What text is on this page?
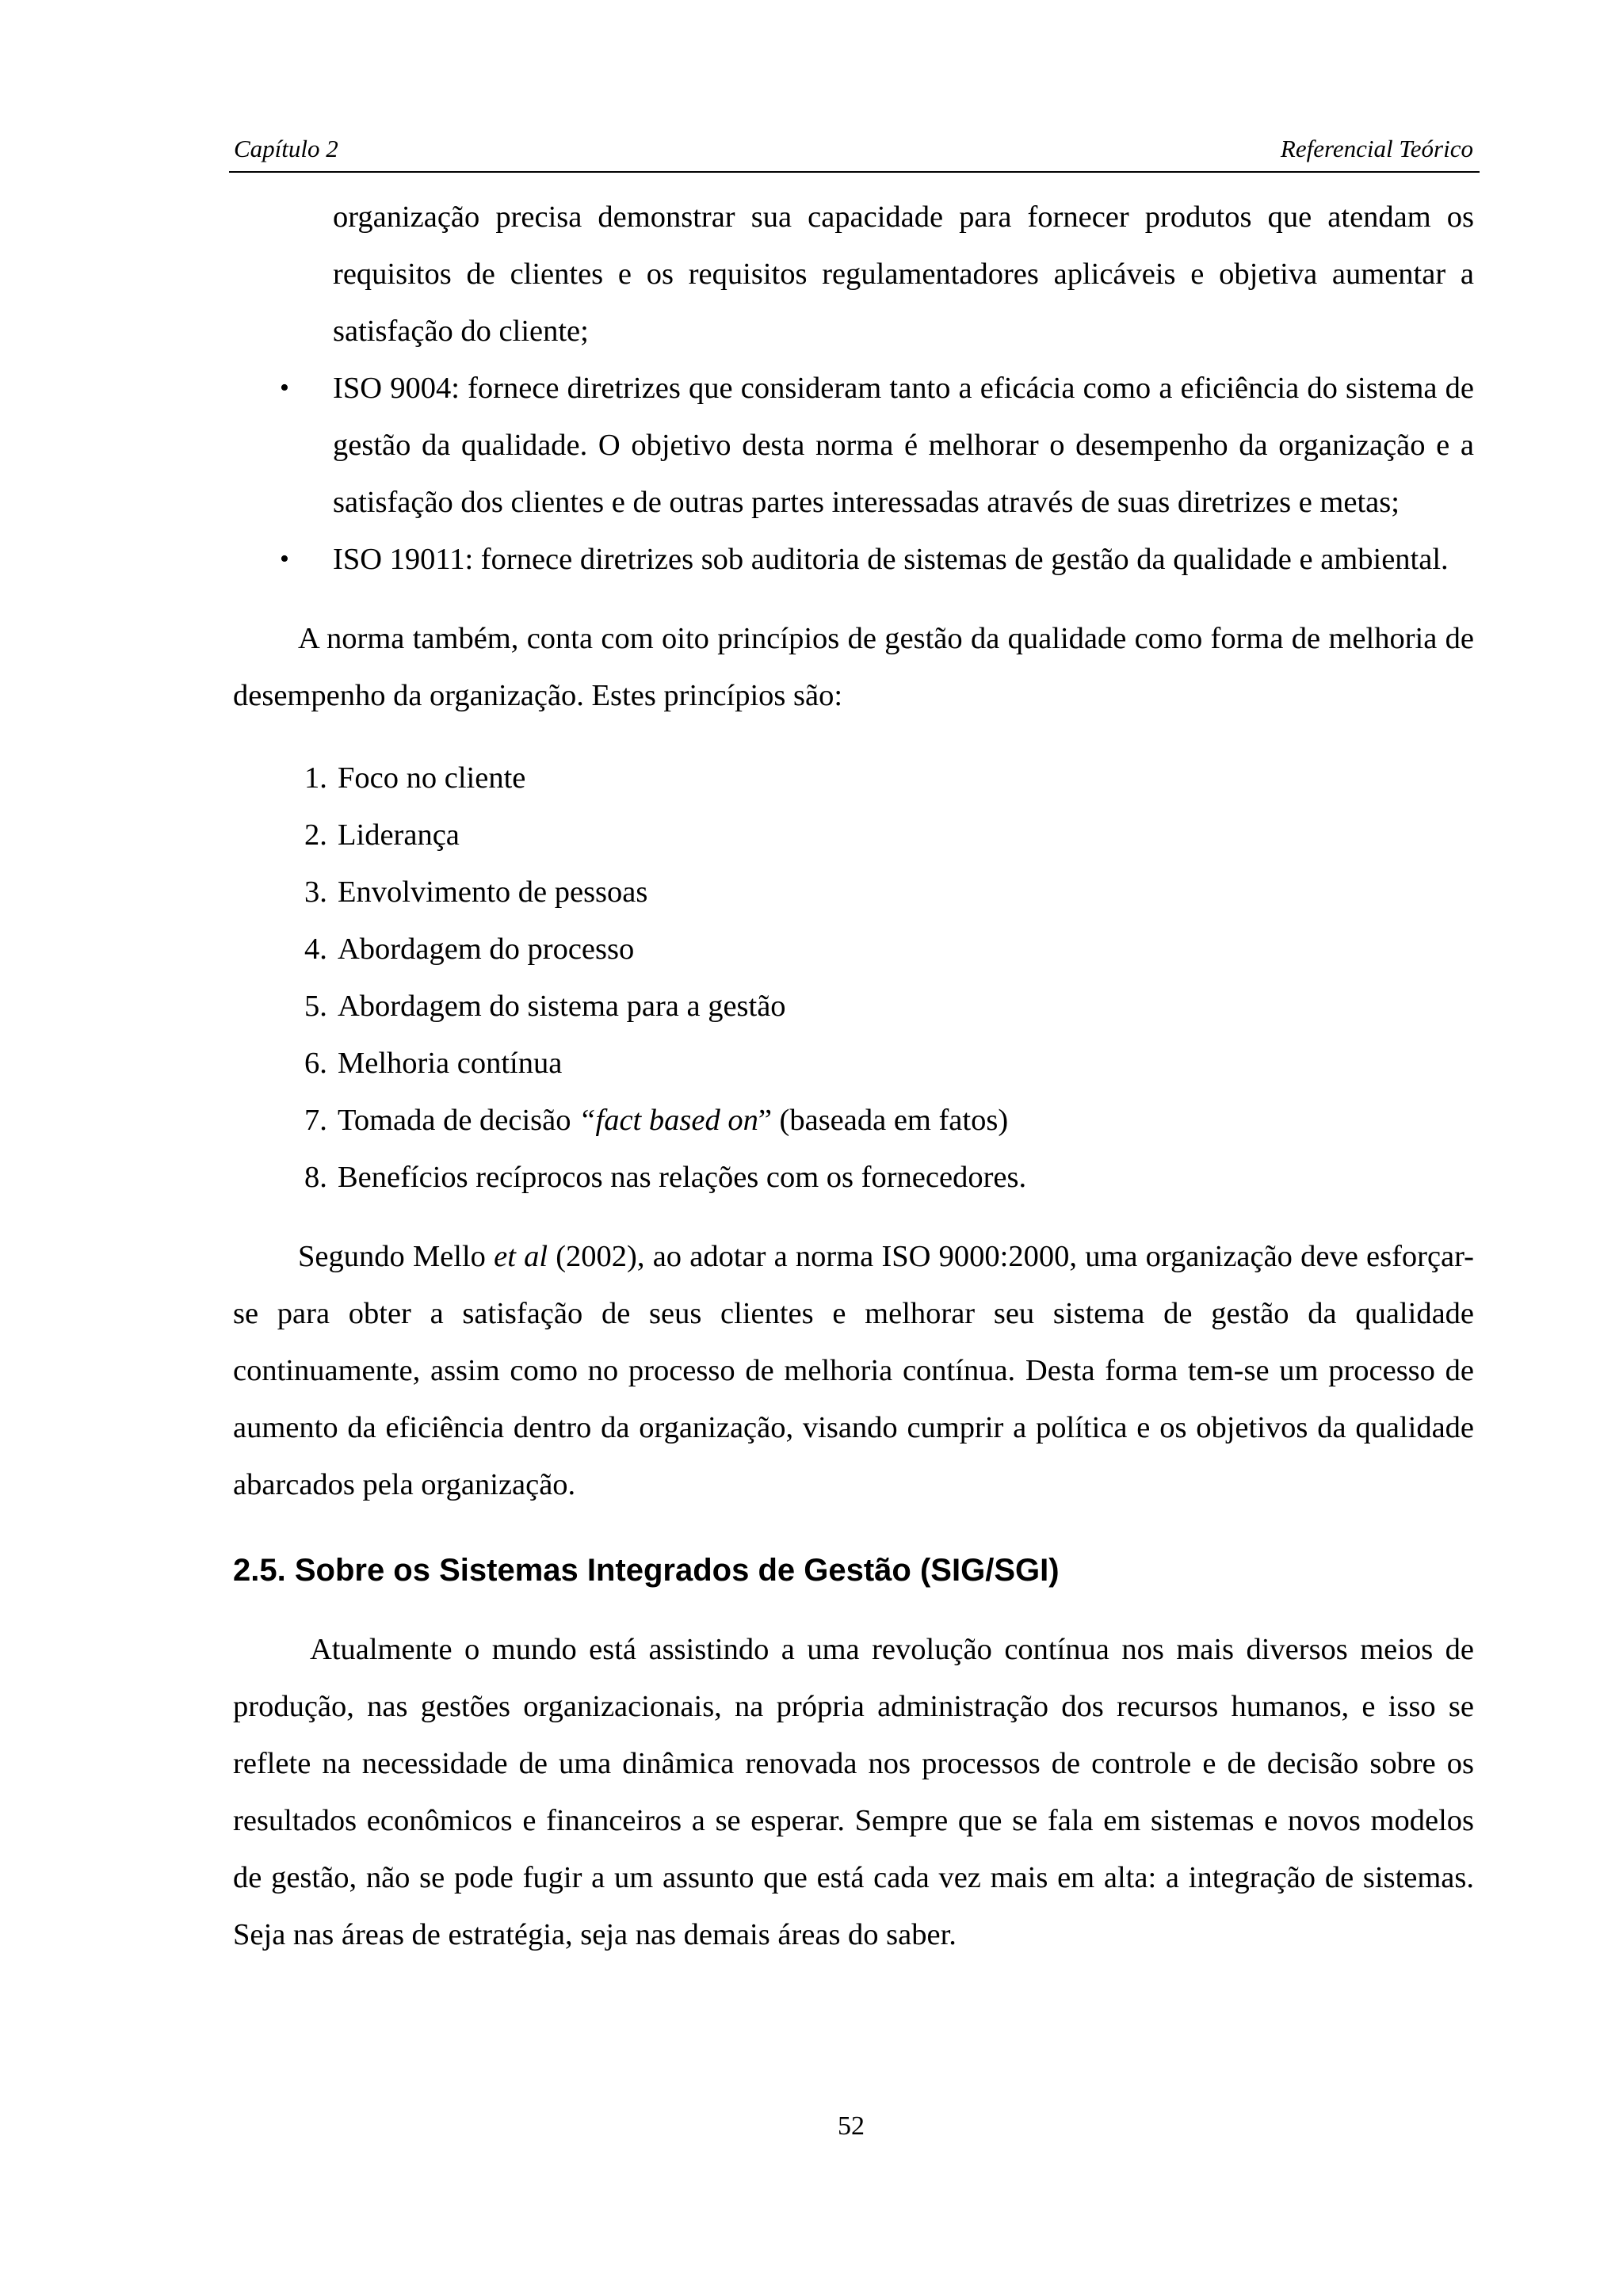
Capítulo 2	Referencial Teórico

organização precisa demonstrar sua capacidade para fornecer produtos que atendam os requisitos de clientes e os requisitos regulamentadores aplicáveis e objetiva aumentar a satisfação do cliente;

• ISO 9004: fornece diretrizes que consideram tanto a eficácia como a eficiência do sistema de gestão da qualidade. O objetivo desta norma é melhorar o desempenho da organização e a satisfação dos clientes e de outras partes interessadas através de suas diretrizes e metas;
• ISO 19011: fornece diretrizes sob auditoria de sistemas de gestão da qualidade e ambiental.

A norma também, conta com oito princípios de gestão da qualidade como forma de melhoria de desempenho da organização. Estes princípios são:

1. Foco no cliente
2. Liderança
3. Envolvimento de pessoas
4. Abordagem do processo
5. Abordagem do sistema para a gestão
6. Melhoria contínua
7. Tomada de decisão “fact based on” (baseada em fatos)
8. Benefícios recíprocos nas relações com os fornecedores.

Segundo Mello et al (2002), ao adotar a norma ISO 9000:2000, uma organização deve esforçar-se para obter a satisfação de seus clientes e melhorar seu sistema de gestão da qualidade continuamente, assim como no processo de melhoria contínua. Desta forma tem-se um processo de aumento da eficiência dentro da organização, visando cumprir a política e os objetivos da qualidade abarcados pela organização.

2.5. Sobre os Sistemas Integrados de Gestão (SIG/SGI)

Atualmente o mundo está assistindo a uma revolução contínua nos mais diversos meios de produção, nas gestões organizacionais, na própria administração dos recursos humanos, e isso se reflete na necessidade de uma dinâmica renovada nos processos de controle e de decisão sobre os resultados econômicos e financeiros a se esperar. Sempre que se fala em sistemas e novos modelos de gestão, não se pode fugir a um assunto que está cada vez mais em alta: a integração de sistemas. Seja nas áreas de estratégia, seja nas demais áreas do saber.

52
